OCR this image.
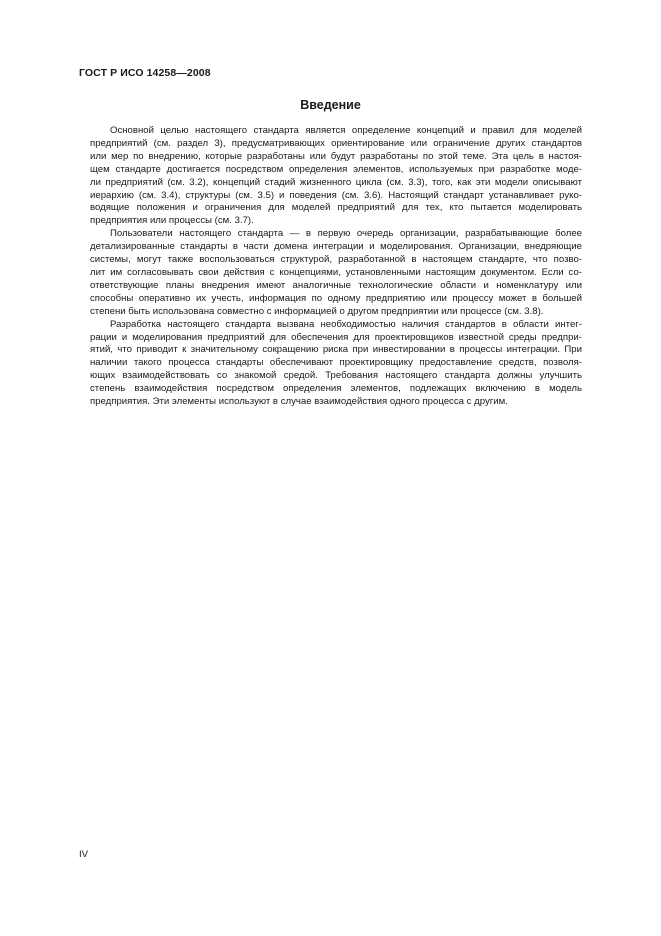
ГОСТ Р ИСО 14258—2008
Введение

Основной целью настоящего стандарта является определение концепций и правил для моделей
предприятий (см. раздел 3), предусматривающих ориентирование или ограничение других стандартов
или мер по внедрению, которые разработаны или будут разработаны по этой теме. Эта цель в настоя-
щем стандарте достигается посредством определения элементов, используемых при разработке моде-
ли предприятий (см. 3.2), концепций стадий жизненного цикла (см. 3.3), того, как эти модели описывают
иерархию (см. 3.4), структуры (см. 3.5) и поведения (см. 3.6). Настоящий стандарт устанавливает руко-
водящие положения и ограничения для моделей предприятий для тех, кто пытается моделировать
предприятия или процессы (см. 3.7).

Пользователи настоящего стандарта — в первую очередь организации, разрабатывающие более
детализированные стандарты в части домена интеграции и моделирования. Организации, внедряющие
системы, могут также воспользоваться структурой, разработанной в настоящем стандарте, что позво-
лит им согласовывать свои действия с концепциями, установленными настоящим документом. Если со-
ответствующие планы внедрения имеют аналогичные технологические области и номенклатуру или
способны оперативно их учесть, информация по одному предприятию или процессу может в большей
степени быть использована совместно с информацией о другом предприятии или процессе (см. 3.8).

Разработка настоящего стандарта вызвана необходимостью наличия стандартов в области интег-
рации и моделирования предприятий для обеспечения для проектировщиков известной среды предпри-
ятий, что приводит к значительному сокращению риска при инвестировании в процессы интеграции. При
наличии такого процесса стандарты обеспечивают проектировщику предоставление средств, позволя-
ющих взаимодействовать со знакомой средой. Требования настоящего стандарта должны улучшить
степень взаимодействия посредством определения элементов, подлежащих включению в модель
предприятия. Эти элементы используют в случае взаимодействия одного процесса с другим.

IV
